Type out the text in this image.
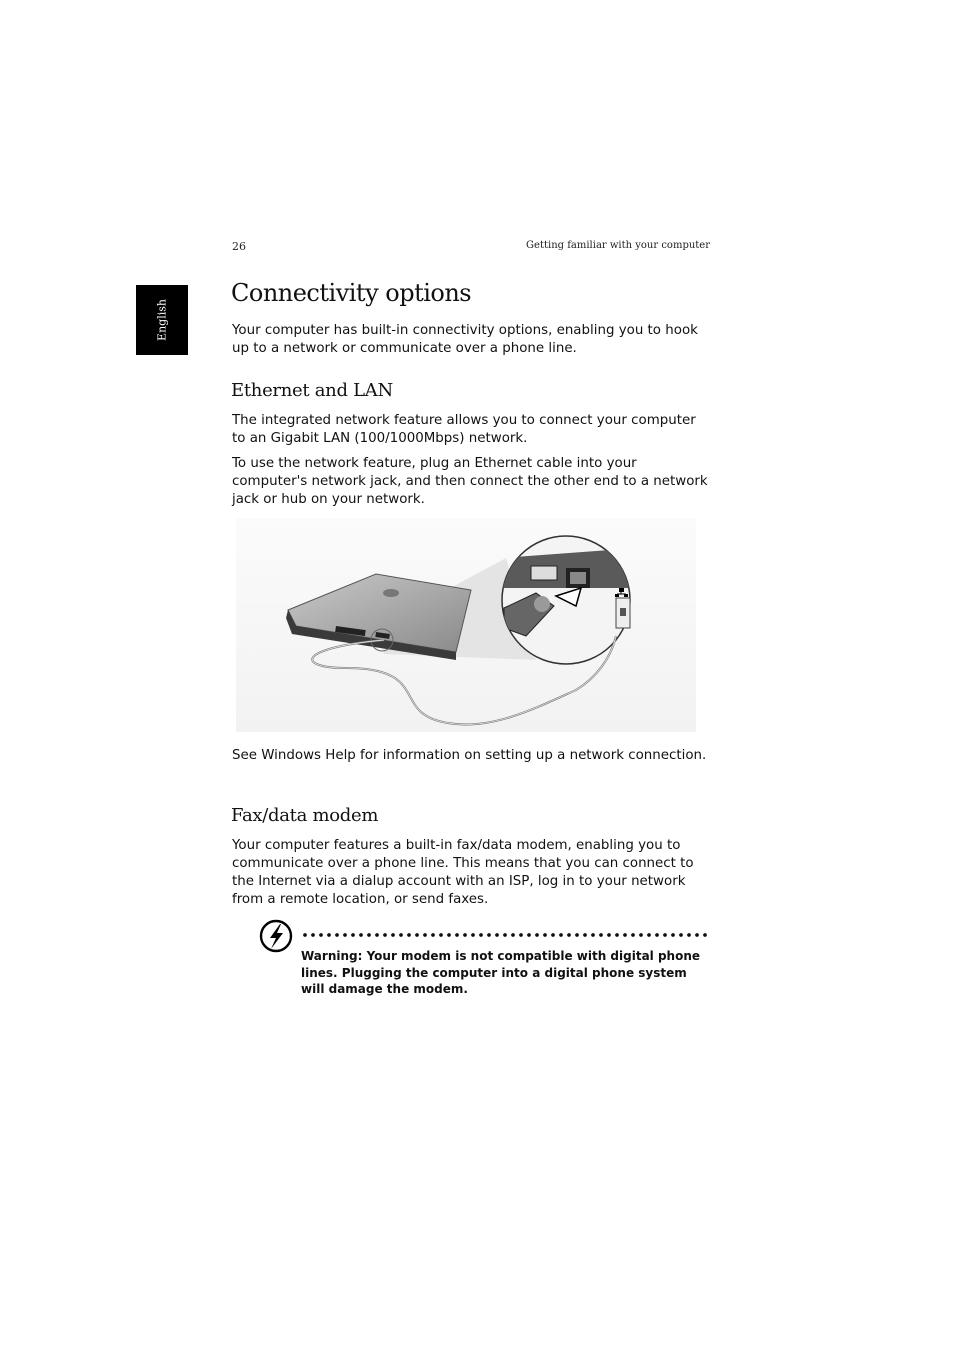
26	Getting familiar with your computer
English
Connectivity options

Your computer has built-in connectivity options, enabling you to hook up to a network or communicate over a phone line.

Ethernet and LAN

The integrated network feature allows you to connect your computer to an Gigabit LAN (100/1000Mbps) network.

To use the network feature, plug an Ethernet cable into your computer's network jack, and then connect the other end to a network jack or hub on your network.

See Windows Help for information on setting up a network connection.

Fax/data modem

Your computer features a built-in fax/data modem, enabling you to communicate over a phone line. This means that you can connect to the Internet via a dialup account with an ISP, log in to your network from a remote location, or send faxes.

Warning: Your modem is not compatible with digital phone lines. Plugging the computer into a digital phone system will damage the modem.
